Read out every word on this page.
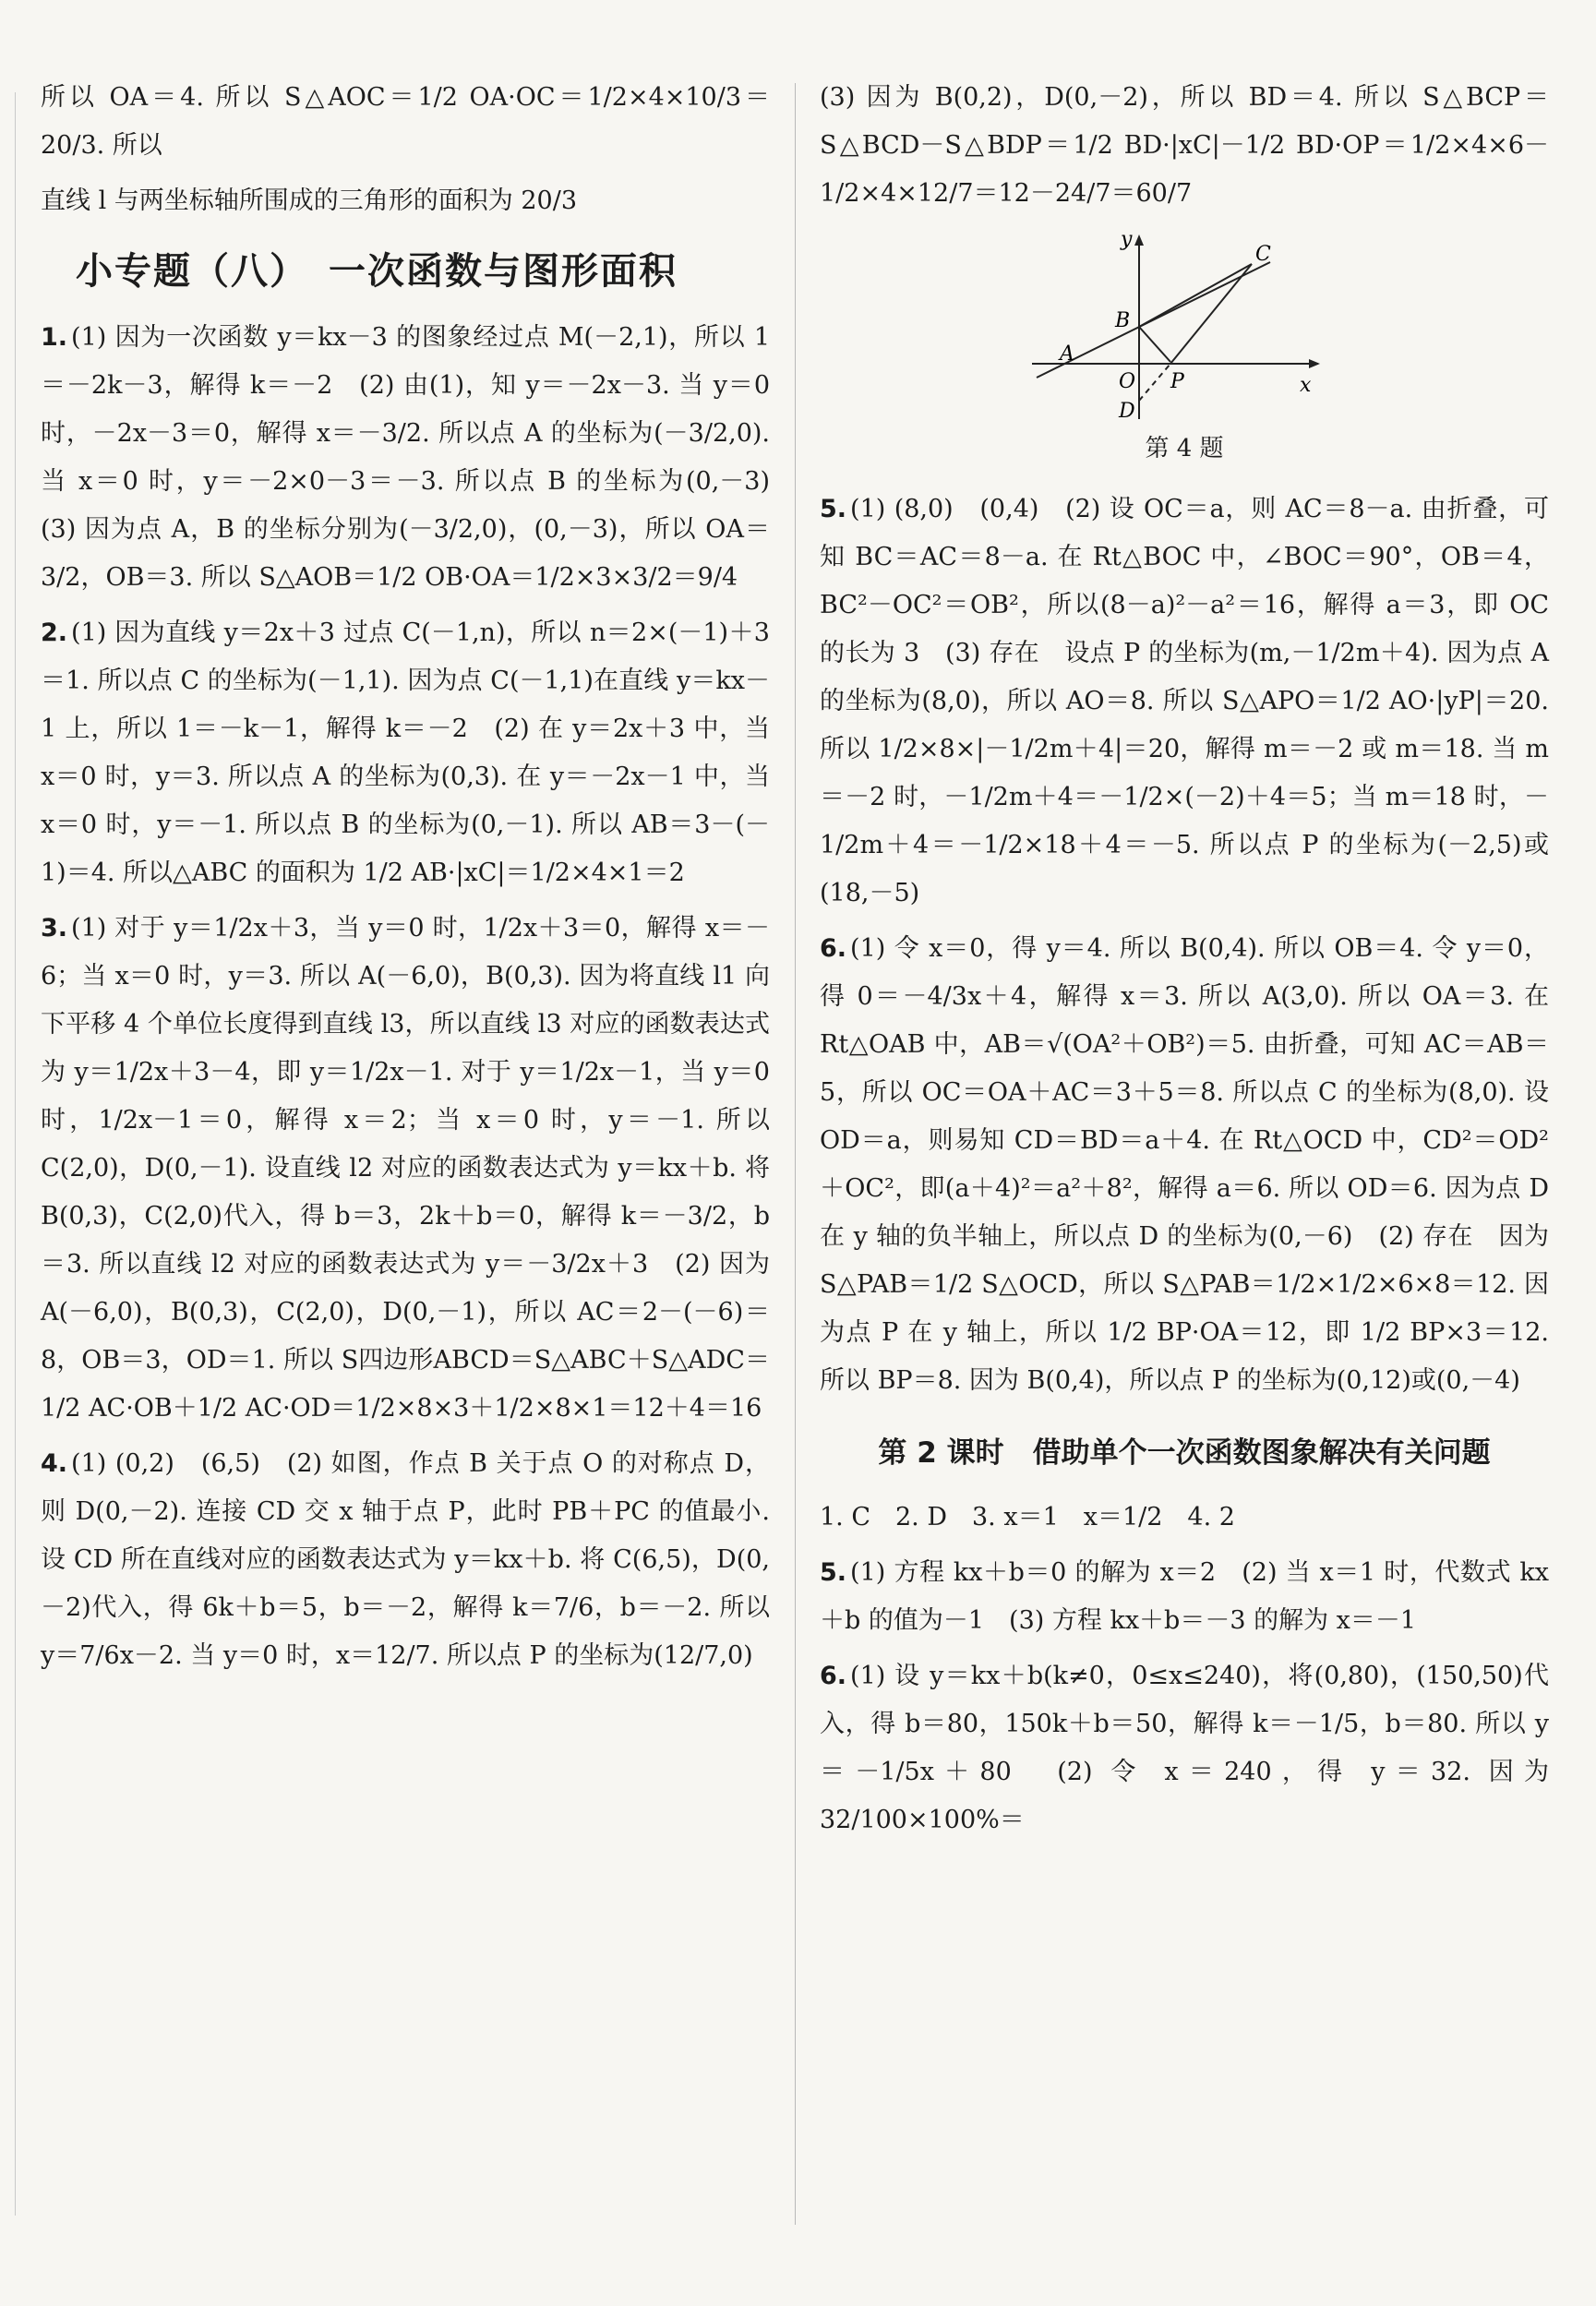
所以 OA＝4. 所以 S△AOC＝1/2 OA·OC＝1/2×4×10/3＝20/3. 所以

直线 l 与两坐标轴所围成的三角形的面积为 20/3

小专题（八）　一次函数与图形面积

1. (1) 因为一次函数 y＝kx－3 的图象经过点 M(－2,1)，所以 1＝－2k－3，解得 k＝－2　(2) 由(1)，知 y＝－2x－3. 当 y＝0 时，－2x－3＝0，解得 x＝－3/2. 所以点 A 的坐标为(－3/2,0). 当 x＝0 时，y＝－2×0－3＝－3. 所以点 B 的坐标为(0,－3)　(3) 因为点 A，B 的坐标分别为(－3/2,0)，(0,－3)，所以 OA＝3/2，OB＝3. 所以 S△AOB＝1/2 OB·OA＝1/2×3×3/2＝9/4

2. (1) 因为直线 y＝2x＋3 过点 C(－1,n)，所以 n＝2×(－1)＋3＝1. 所以点 C 的坐标为(－1,1). 因为点 C(－1,1)在直线 y＝kx－1 上，所以 1＝－k－1，解得 k＝－2　(2) 在 y＝2x＋3 中，当 x＝0 时，y＝3. 所以点 A 的坐标为(0,3). 在 y＝－2x－1 中，当 x＝0 时，y＝－1. 所以点 B 的坐标为(0,－1). 所以 AB＝3－(－1)＝4. 所以△ABC 的面积为 1/2 AB·|xC|＝1/2×4×1＝2

3. (1) 对于 y＝1/2x＋3，当 y＝0 时，1/2x＋3＝0，解得 x＝－6；当 x＝0 时，y＝3. 所以 A(－6,0)，B(0,3). 因为将直线 l1 向下平移 4 个单位长度得到直线 l3，所以直线 l3 对应的函数表达式为 y＝1/2x＋3－4，即 y＝1/2x－1. 对于 y＝1/2x－1，当 y＝0 时，1/2x－1＝0，解得 x＝2；当 x＝0 时，y＝－1. 所以 C(2,0)，D(0,－1). 设直线 l2 对应的函数表达式为 y＝kx＋b. 将 B(0,3)，C(2,0)代入，得 b＝3，2k＋b＝0，解得 k＝－3/2，b＝3. 所以直线 l2 对应的函数表达式为 y＝－3/2x＋3　(2) 因为 A(－6,0)，B(0,3)，C(2,0)，D(0,－1)，所以 AC＝2－(－6)＝8，OB＝3，OD＝1. 所以 S四边形ABCD＝S△ABC＋S△ADC＝1/2 AC·OB＋1/2 AC·OD＝1/2×8×3＋1/2×8×1＝12＋4＝16

4. (1) (0,2)　(6,5)　(2) 如图，作点 B 关于点 O 的对称点 D，则 D(0,－2). 连接 CD 交 x 轴于点 P，此时 PB＋PC 的值最小. 设 CD 所在直线对应的函数表达式为 y＝kx＋b. 将 C(6,5)，D(0,－2)代入，得 6k＋b＝5，b＝－2，解得 k＝7/6，b＝－2. 所以 y＝7/6x－2. 当 y＝0 时，x＝12/7. 所以点 P 的坐标为(12/7,0)

(3) 因为 B(0,2)，D(0,－2)，所以 BD＝4. 所以 S△BCP＝S△BCD－S△BDP＝1/2 BD·|xC|－1/2 BD·OP＝1/2×4×6－1/2×4×12/7＝12－24/7＝60/7

y
x
A
B
C
O P
D
第 4 题

5. (1) (8,0)　(0,4)　(2) 设 OC＝a，则 AC＝8－a. 由折叠，可知 BC＝AC＝8－a. 在 Rt△BOC 中，∠BOC＝90°，OB＝4，BC²－OC²＝OB²，所以(8－a)²－a²＝16，解得 a＝3，即 OC 的长为 3　(3) 存在　设点 P 的坐标为(m,－1/2m＋4). 因为点 A 的坐标为(8,0)，所以 AO＝8. 所以 S△APO＝1/2 AO·|yP|＝20. 所以 1/2×8×|－1/2m＋4|＝20，解得 m＝－2 或 m＝18. 当 m＝－2 时，－1/2m＋4＝－1/2×(－2)＋4＝5；当 m＝18 时，－1/2m＋4＝－1/2×18＋4＝－5. 所以点 P 的坐标为(－2,5)或(18,－5)

6. (1) 令 x＝0，得 y＝4. 所以 B(0,4). 所以 OB＝4. 令 y＝0，得 0＝－4/3x＋4，解得 x＝3. 所以 A(3,0). 所以 OA＝3. 在 Rt△OAB 中，AB＝√(OA²＋OB²)＝5. 由折叠，可知 AC＝AB＝5，所以 OC＝OA＋AC＝3＋5＝8. 所以点 C 的坐标为(8,0). 设 OD＝a，则易知 CD＝BD＝a＋4. 在 Rt△OCD 中，CD²＝OD²＋OC²，即(a＋4)²＝a²＋8²，解得 a＝6. 所以 OD＝6. 因为点 D 在 y 轴的负半轴上，所以点 D 的坐标为(0,－6)　(2) 存在　因为 S△PAB＝1/2 S△OCD，所以 S△PAB＝1/2×1/2×6×8＝12. 因为点 P 在 y 轴上，所以 1/2 BP·OA＝12，即 1/2 BP×3＝12. 所以 BP＝8. 因为 B(0,4)，所以点 P 的坐标为(0,12)或(0,－4)

第 2 课时　借助单个一次函数图象解决有关问题

1. C　2. D　3. x＝1　x＝1/2　4. 2

5. (1) 方程 kx＋b＝0 的解为 x＝2　(2) 当 x＝1 时，代数式 kx＋b 的值为－1　(3) 方程 kx＋b＝－3 的解为 x＝－1

6. (1) 设 y＝kx＋b(k≠0，0≤x≤240)，将(0,80)，(150,50)代入，得 b＝80，150k＋b＝50，解得 k＝－1/5，b＝80. 所以 y＝－1/5x＋80　(2) 令 x＝240，得 y＝32. 因为 32/100×100%＝
